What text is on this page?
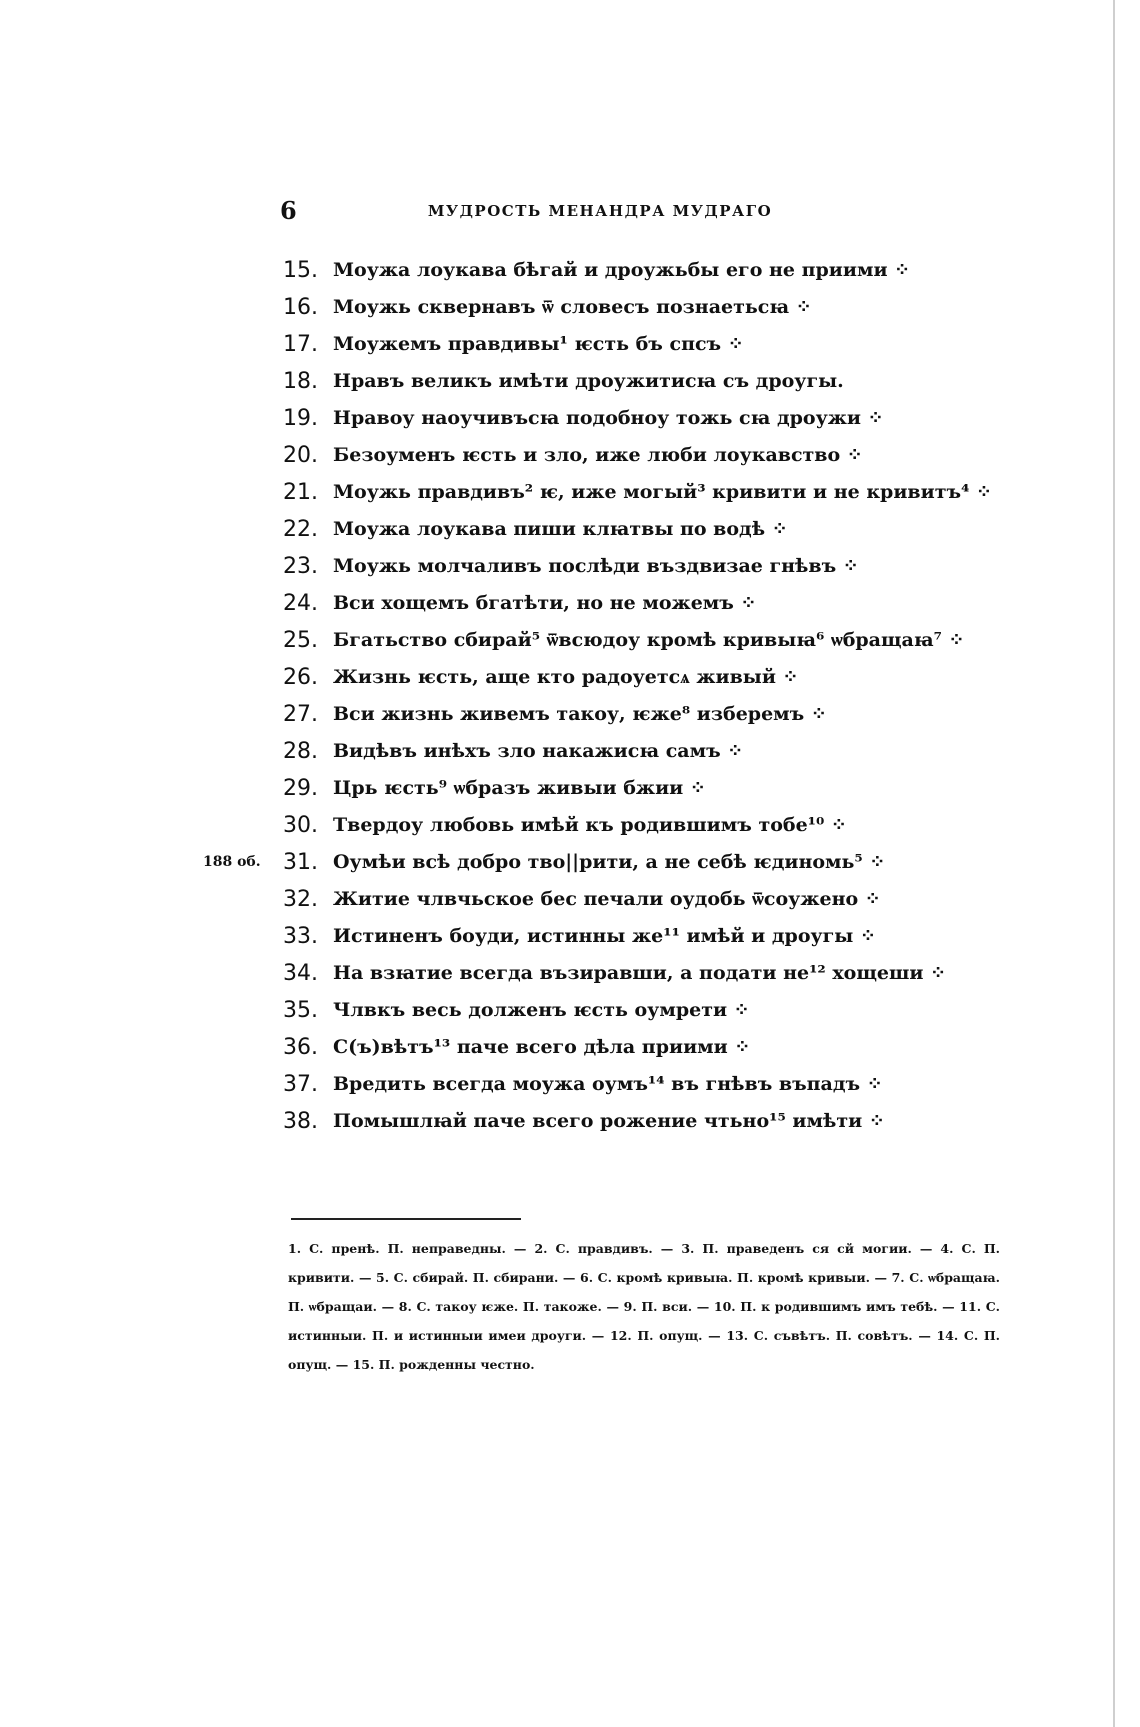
6	МУДРОСТЬ МЕНАНДРА МУДРАГО
15. Моужа лоукава бѣгай и дроужьбы его не приими ⁘
16. Моужь сквернавъ ѿ словесъ познаетьсꙗ ⁘
17. Моужемъ правдивы¹ ѥсть бъ спсъ ⁘
18. Нравъ великъ имѣти дроужитисꙗ съ дроугы.
19. Нравоу наоучивъсꙗ подобноу тожь сꙗ дроужи ⁘
20. Безоуменъ ѥсть и зло, иже люби лоукавство ⁘
21. Моужь правдивъ² ѥ, иже могый³ кривити и не кривитъ⁴ ⁘
22. Моужа лоукава пиши клꙗтвы по водѣ ⁘
23. Моужь молчаливъ послѣди въздвизае гнѣвъ ⁘
24. Вси хощемъ бгатѣти, но не можемъ ⁘
25. Бгатьство сбирай⁵ ѿвсюдоу кромѣ кривыꙗ⁶ ѡбращаꙗ⁷ ⁘
26. Жизнь ѥсть, аще кто радоуетсѧ живый ⁘
27. Вси жизнь живемъ такоу, ѥже⁸ изберемъ ⁘
28. Видѣвъ инѣхъ зло накажисꙗ самъ ⁘
29. Црь ѥсть⁹ ѡбразъ живыи бжии ⁘
30. Твердоу любовь имѣй къ родившимъ тобе¹⁰ ⁘
188 об. 31. Оумѣи всѣ добро тво||рити, а не себѣ ѥдиномь⁵ ⁘
32. Житие члвчьское бес печали оудобь ѿсоужено ⁘
33. Истиненъ боуди, истинны же¹¹ имѣй и дроугы ⁘
34. На взꙗтие всегда възиравши, а подати не¹² хощеши ⁘
35. Члвкъ весь долженъ ѥсть оумрети ⁘
36. С(ъ)вѣтъ¹³ паче всего дѣла приими ⁘
37. Вредить всегда моужа оумъ¹⁴ въ гнѣвъ въпадъ ⁘
38. Помышлꙗй паче всего рожение чтьно¹⁵ имѣти ⁘
1. С. пренѣ. П. неправедны. — 2. С. правдивъ. — 3. П. праведенъ ся сй могии. — 4. С. П. кривити. — 5. С. сбирай. П. сбирани. — 6. С. кромѣ кривыꙗ. П. кромѣ кривыи. — 7. С. ѡбращаꙗ. П. ѡбращаи. — 8. С. такоу ѥже. П. такоже. — 9. П. вси. — 10. П. к родившимъ имъ тебѣ. — 11. С. истинныи. П. и истинныи имеи дроуги. — 12. П. опущ. — 13. С. съвѣтъ. П. совѣтъ. — 14. С. П. опущ. — 15. П. рожденны честно.
